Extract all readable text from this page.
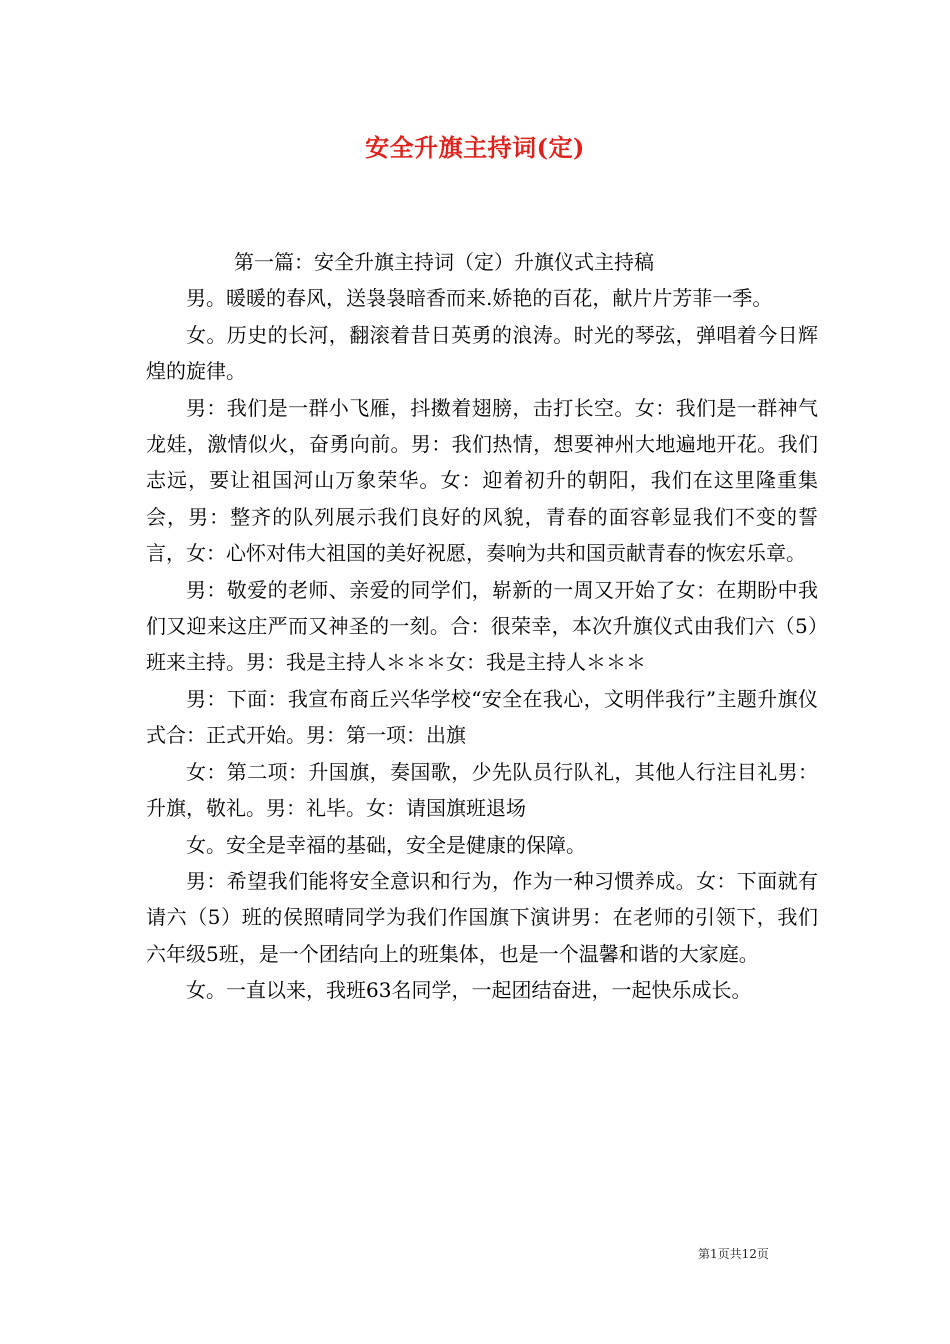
安全升旗主持词(定)

第一篇：安全升旗主持词（定）升旗仪式主持稿

男。暖暖的春风，送袅袅暗香而来.娇艳的百花，献片片芳菲一季。

女。历史的长河，翻滚着昔日英勇的浪涛。时光的琴弦，弹唱着今日辉煌的旋律。

男：我们是一群小飞雁，抖擞着翅膀，击打长空。女：我们是一群神气龙娃，激情似火，奋勇向前。男：我们热情，想要神州大地遍地开花。我们志远，要让祖国河山万象荣华。女：迎着初升的朝阳，我们在这里隆重集会，男：整齐的队列展示我们良好的风貌，青春的面容彰显我们不变的誓言，女：心怀对伟大祖国的美好祝愿，奏响为共和国贡献青春的恢宏乐章。

男：敬爱的老师、亲爱的同学们，崭新的一周又开始了女：在期盼中我们又迎来这庄严而又神圣的一刻。合：很荣幸，本次升旗仪式由我们六（5）班来主持。男：我是主持人＊＊＊女：我是主持人＊＊＊

男：下面：我宣布商丘兴华学校“安全在我心，文明伴我行”主题升旗仪式合：正式开始。男：第一项：出旗

女：第二项：升国旗，奏国歌，少先队员行队礼，其他人行注目礼男：升旗，敬礼。男：礼毕。女：请国旗班退场

女。安全是幸福的基础，安全是健康的保障。

男：希望我们能将安全意识和行为，作为一种习惯养成。女：下面就有请六（5）班的侯照晴同学为我们作国旗下演讲男：在老师的引领下，我们六年级5班，是一个团结向上的班集体，也是一个温馨和谐的大家庭。

女。一直以来，我班63名同学，一起团结奋进，一起快乐成长。

第1页共12页
